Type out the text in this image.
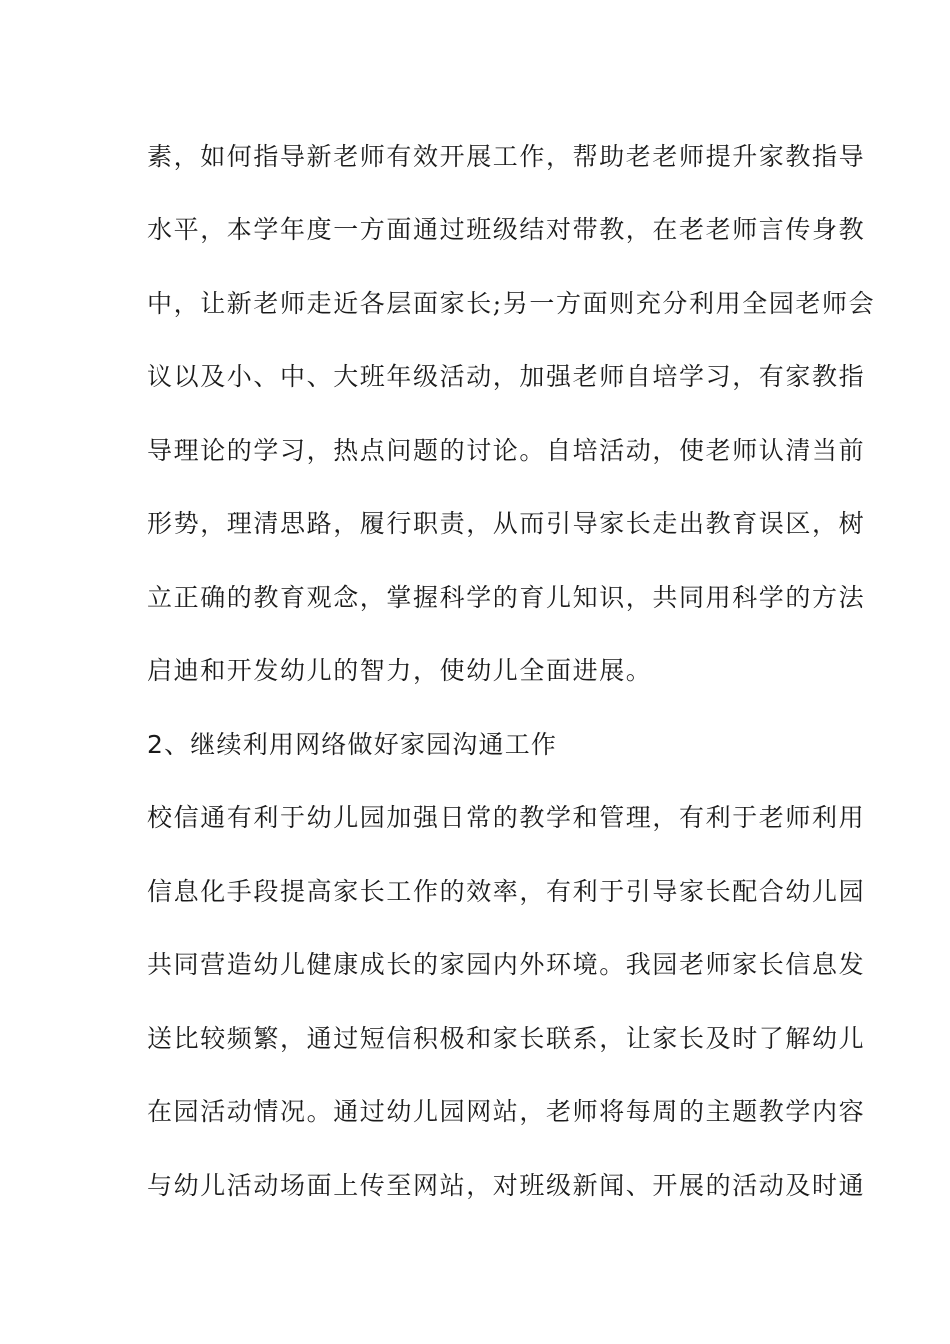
素，如何指导新老师有效开展工作，帮助老老师提升家教指导
水平，本学年度一方面通过班级结对带教，在老老师言传身教
中，让新老师走近各层面家长;另一方面则充分利用全园老师会
议以及小、中、大班年级活动，加强老师自培学习，有家教指
导理论的学习，热点问题的讨论。自培活动，使老师认清当前
形势，理清思路，履行职责，从而引导家长走出教育误区，树
立正确的教育观念，掌握科学的育儿知识，共同用科学的方法
启迪和开发幼儿的智力，使幼儿全面进展。
2、继续利用网络做好家园沟通工作
校信通有利于幼儿园加强日常的教学和管理，有利于老师利用
信息化手段提高家长工作的效率，有利于引导家长配合幼儿园
共同营造幼儿健康成长的家园内外环境。我园老师家长信息发
送比较频繁，通过短信积极和家长联系，让家长及时了解幼儿
在园活动情况。通过幼儿园网站，老师将每周的主题教学内容
与幼儿活动场面上传至网站，对班级新闻、开展的活动及时通
